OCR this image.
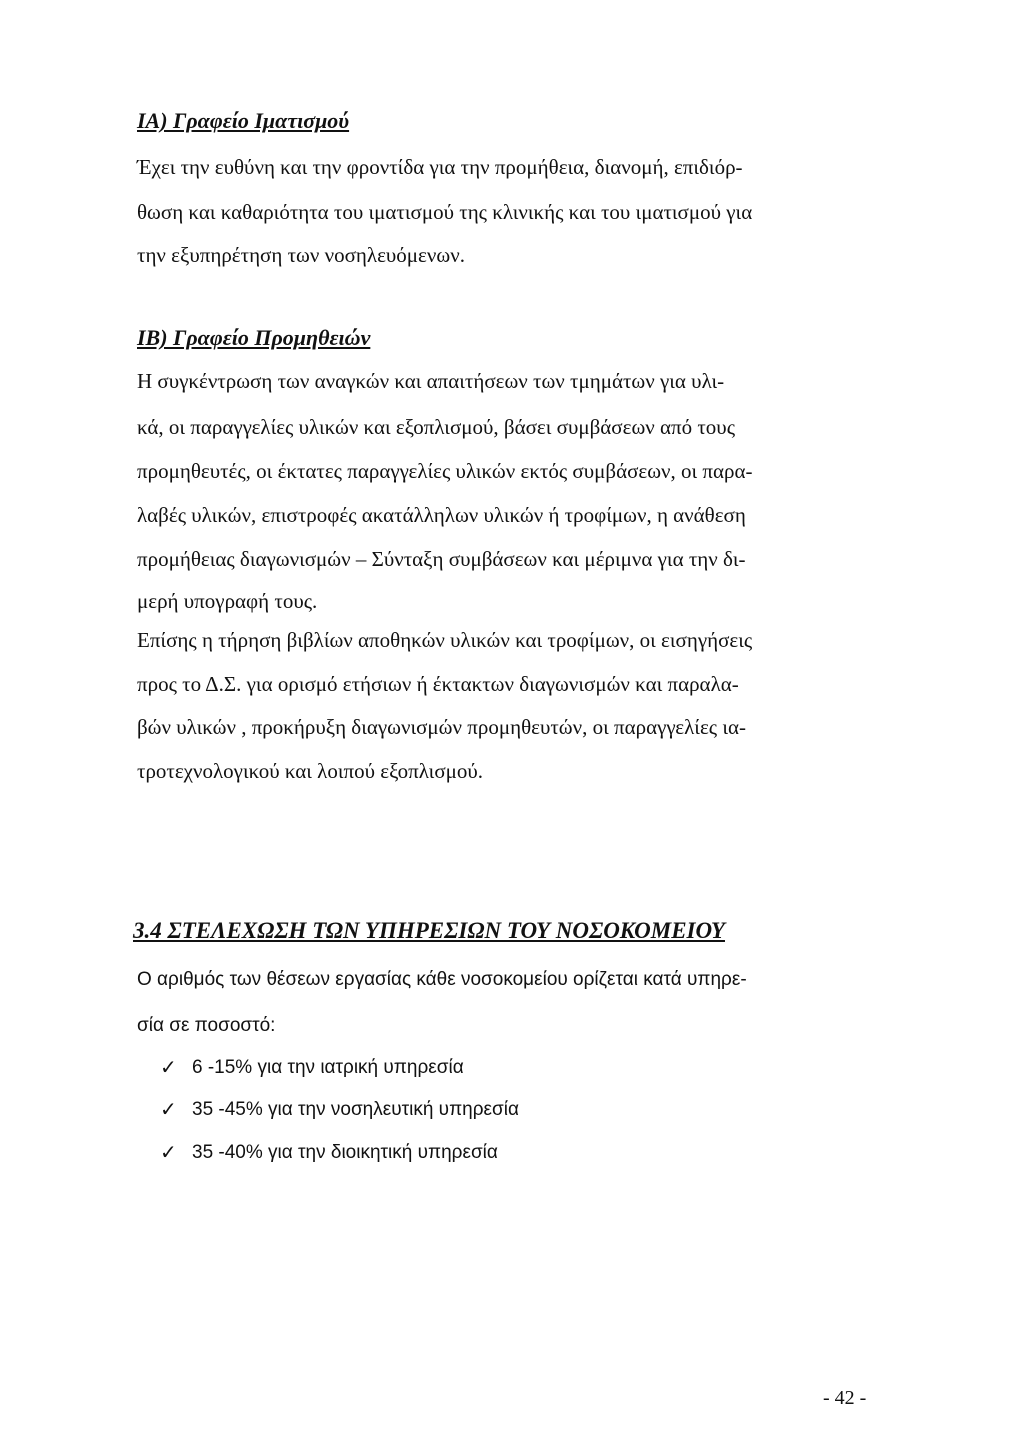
ΙΑ) Γραφείο Ιματισμού
Έχει την ευθύνη και την φροντίδα για την προμήθεια, διανομή, επιδιόρ-
θωση και καθαριότητα του ιματισμού της κλινικής και του ιματισμού για
την εξυπηρέτηση των νοσηλευόμενων.
ΙΒ) Γραφείο Προμηθειών
Η συγκέντρωση των αναγκών και απαιτήσεων των τμημάτων για υλι-
κά, οι παραγγελίες υλικών και εξοπλισμού, βάσει συμβάσεων από τους
προμηθευτές, οι έκτατες παραγγελίες υλικών εκτός συμβάσεων, οι παρα-
λαβές υλικών, επιστροφές ακατάλληλων υλικών ή τροφίμων, η ανάθεση
προμήθειας διαγωνισμών – Σύνταξη συμβάσεων και μέριμνα για την δι-
μερή υπογραφή τους.
Επίσης η τήρηση βιβλίων αποθηκών υλικών και τροφίμων, οι εισηγήσεις
προς το Δ.Σ. για ορισμό ετήσιων ή έκτακτων διαγωνισμών και παραλα-
βών υλικών , προκήρυξη διαγωνισμών προμηθευτών, οι παραγγελίες ια-
τροτεχνολογικού και λοιπού εξοπλισμού.
3.4 ΣΤΕΛΕΧΩΣΗ ΤΩΝ ΥΠΗΡΕΣΙΩΝ ΤΟΥ ΝΟΣΟΚΟΜΕΙΟΥ
Ο αριθμός των θέσεων εργασίας κάθε νοσοκομείου ορίζεται κατά υπηρε-
σία σε ποσοστό:
✓ 6 -15% για την ιατρική υπηρεσία
✓ 35 -45% για την νοσηλευτική υπηρεσία
✓ 35 -40% για την διοικητική υπηρεσία
- 42 -
